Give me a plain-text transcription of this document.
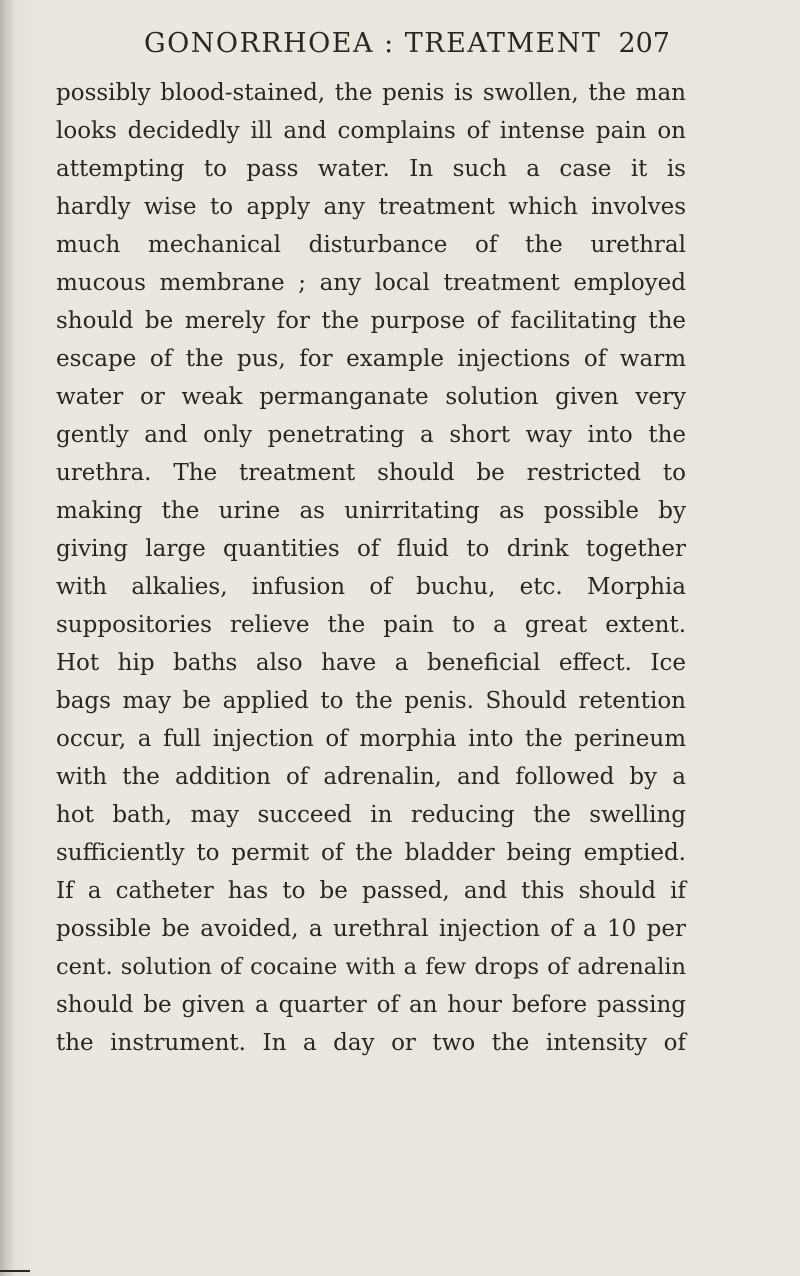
GONORRHOEA : TREATMENT 207
possibly blood-stained, the penis is swollen, the man
looks decidedly ill and complains of intense pain on
attempting to pass water. In such a case it is
hardly wise to apply any treatment which involves
much mechanical disturbance of the urethral
mucous membrane ; any local treatment employed
should be merely for the purpose of facilitating the
escape of the pus, for example injections of warm
water or weak permanganate solution given very
gently and only penetrating a short way into the
urethra. The treatment should be restricted to
making the urine as unirritating as possible by
giving large quantities of fluid to drink together
with alkalies, infusion of buchu, etc. Morphia
suppositories relieve the pain to a great extent.
Hot hip baths also have a beneficial effect. Ice
bags may be applied to the penis. Should retention
occur, a full injection of morphia into the perineum
with the addition of adrenalin, and followed by a
hot bath, may succeed in reducing the swelling
sufficiently to permit of the bladder being emptied.
If a catheter has to be passed, and this should if
possible be avoided, a urethral injection of a 10 per
cent. solution of cocaine with a few drops of adrenalin
should be given a quarter of an hour before passing
the instrument. In a day or two the intensity of
